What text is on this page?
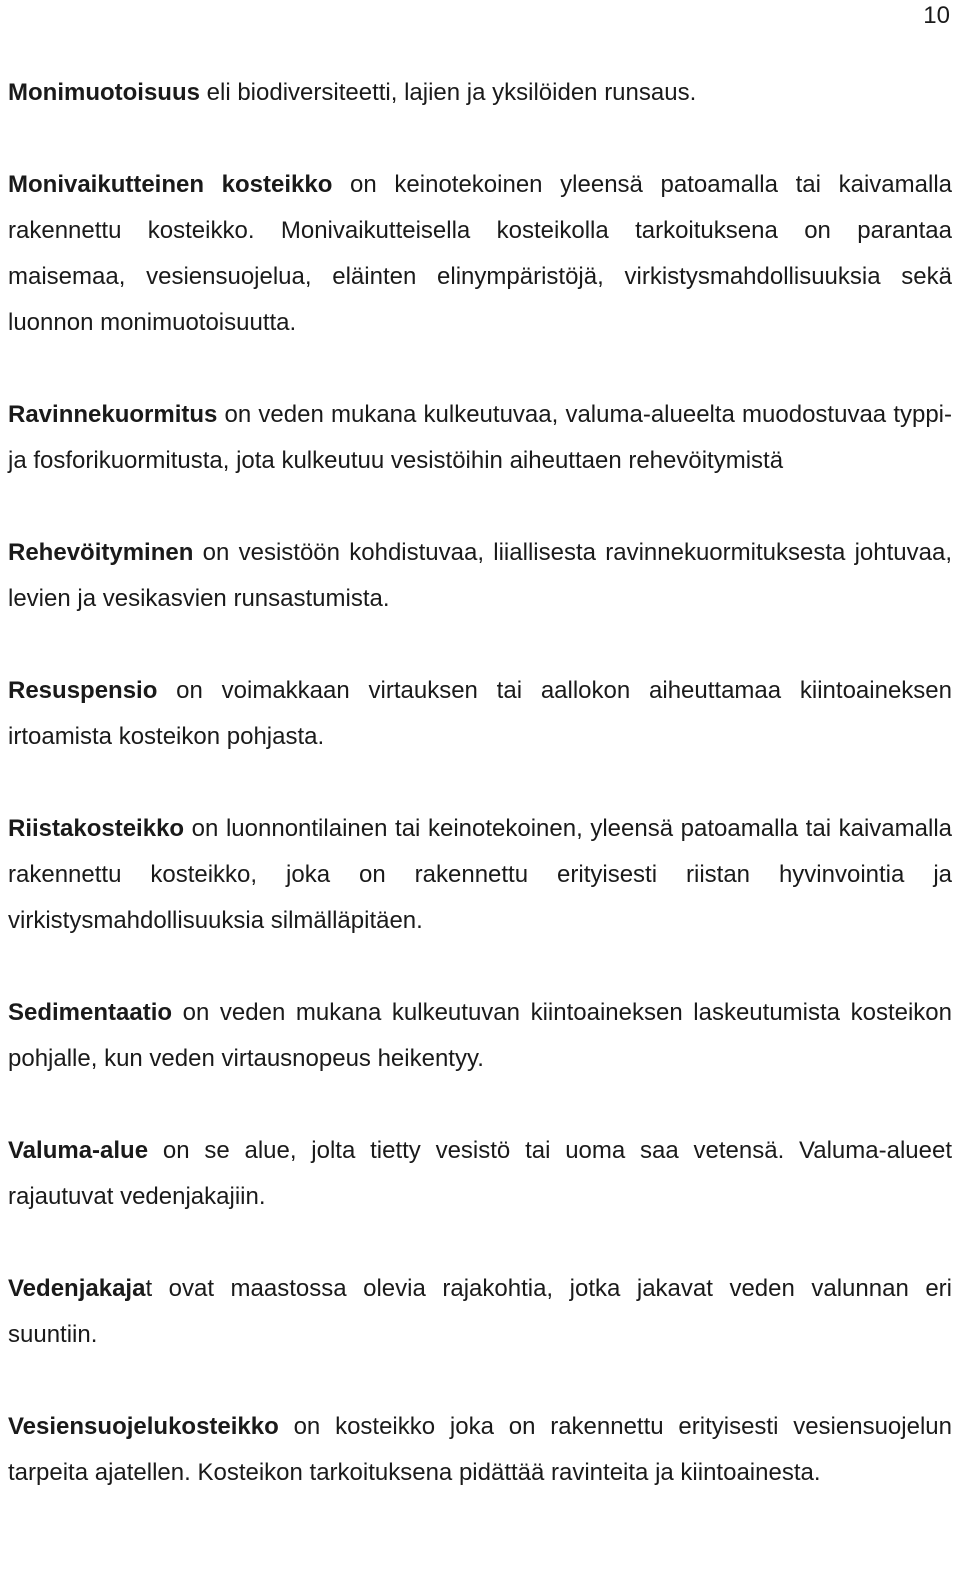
10

Monimuotoisuus eli biodiversiteetti, lajien ja yksilöiden runsaus.

Monivaikutteinen kosteikko on keinotekoinen yleensä patoamalla tai kaivamalla rakennettu kosteikko. Monivaikutteisella kosteikolla tarkoituksena on parantaa maisemaa, vesiensuojelua, eläinten elinympäristöjä, virkistysmahdollisuuksia sekä luonnon monimuotoisuutta.

Ravinnekuormitus on veden mukana kulkeutuvaa, valuma-alueelta muodostuvaa typpi- ja fosforikuormitusta, jota kulkeutuu vesistöihin aiheuttaen rehevöitymistä

Rehevöityminen on vesistöön kohdistuvaa, liiallisesta ravinnekuormituksesta johtuvaa, levien ja vesikasvien runsastumista.

Resuspensio on voimakkaan virtauksen tai aallokon aiheuttamaa kiintoaineksen irtoamista kosteikon pohjasta.

Riistakosteikko on luonnontilainen tai keinotekoinen, yleensä patoamalla tai kaivamalla rakennettu kosteikko, joka on rakennettu erityisesti riistan hyvinvointia ja virkistysmahdollisuuksia silmälläpitäen.

Sedimentaatio on veden mukana kulkeutuvan kiintoaineksen laskeutumista kosteikon pohjalle, kun veden virtausnopeus heikentyy.

Valuma-alue on se alue, jolta tietty vesistö tai uoma saa vetensä. Valuma-alueet rajautuvat vedenjakajiin.

Vedenjakajat ovat maastossa olevia rajakohtia, jotka jakavat veden valunnan eri suuntiin.

Vesiensuojelukosteikko on kosteikko joka on rakennettu erityisesti vesiensuojelun tarpeita ajatellen. Kosteikon tarkoituksena pidättää ravinteita ja kiintoainesta.
